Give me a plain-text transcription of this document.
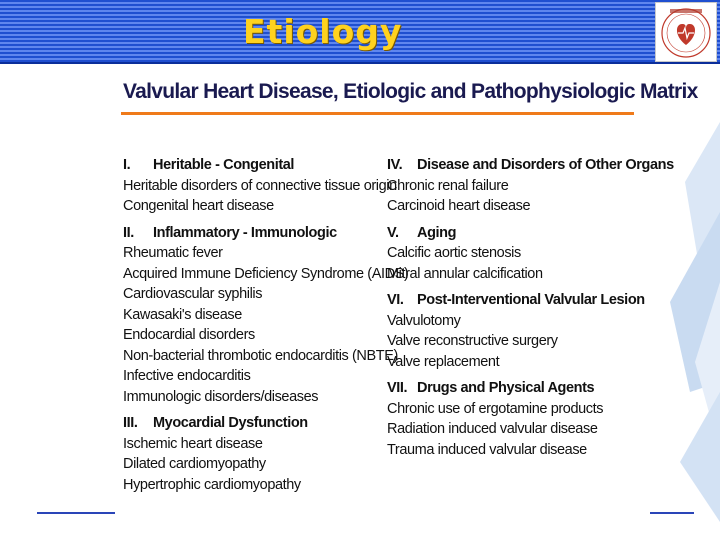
Etiology
Valvular Heart Disease, Etiologic and Pathophysiologic Matrix
I. Heritable - Congenital
Heritable disorders of connective tissue origin
Congenital heart disease
II. Inflammatory - Immunologic
Rheumatic fever
Acquired Immune Deficiency Syndrome (AIDS)
Cardiovascular syphilis
Kawasaki's disease
Endocardial disorders
Non-bacterial thrombotic endocarditis (NBTE)
Infective endocarditis
Immunologic disorders/diseases
III. Myocardial Dysfunction
Ischemic heart disease
Dilated cardiomyopathy
Hypertrophic cardiomyopathy
IV. Disease and Disorders of Other Organs
Chronic renal failure
Carcinoid heart disease
V. Aging
Calcific aortic stenosis
Mitral annular calcification
VI. Post-Interventional Valvular Lesion
Valvulotomy
Valve reconstructive surgery
Valve replacement
VII. Drugs and Physical Agents
Chronic use of ergotamine products
Radiation induced valvular disease
Trauma induced valvular disease
